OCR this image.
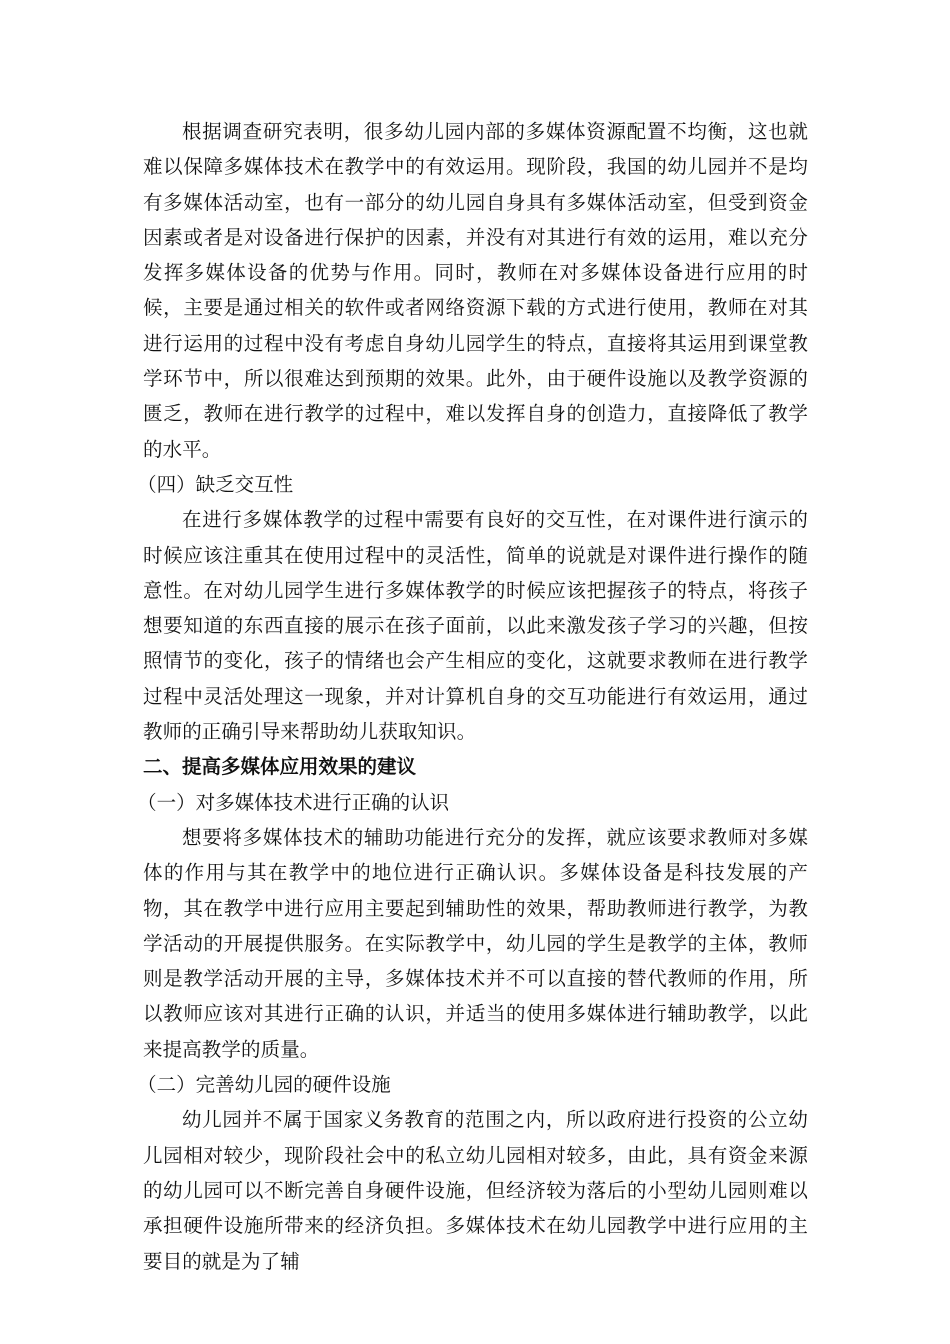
根据调查研究表明，很多幼儿园内部的多媒体资源配置不均衡，这也就难以保障多媒体技术在教学中的有效运用。现阶段，我国的幼儿园并不是均有多媒体活动室，也有一部分的幼儿园自身具有多媒体活动室，但受到资金因素或者是对设备进行保护的因素，并没有对其进行有效的运用，难以充分发挥多媒体设备的优势与作用。同时，教师在对多媒体设备进行应用的时候，主要是通过相关的软件或者网络资源下载的方式进行使用，教师在对其进行运用的过程中没有考虑自身幼儿园学生的特点，直接将其运用到课堂教学环节中，所以很难达到预期的效果。此外，由于硬件设施以及教学资源的匮乏，教师在进行教学的过程中，难以发挥自身的创造力，直接降低了教学的水平。

（四）缺乏交互性

在进行多媒体教学的过程中需要有良好的交互性，在对课件进行演示的时候应该注重其在使用过程中的灵活性，简单的说就是对课件进行操作的随意性。在对幼儿园学生进行多媒体教学的时候应该把握孩子的特点，将孩子想要知道的东西直接的展示在孩子面前，以此来激发孩子学习的兴趣，但按照情节的变化，孩子的情绪也会产生相应的变化，这就要求教师在进行教学过程中灵活处理这一现象，并对计算机自身的交互功能进行有效运用，通过教师的正确引导来帮助幼儿获取知识。

二、提高多媒体应用效果的建议

（一）对多媒体技术进行正确的认识

想要将多媒体技术的辅助功能进行充分的发挥，就应该要求教师对多媒体的作用与其在教学中的地位进行正确认识。多媒体设备是科技发展的产物，其在教学中进行应用主要起到辅助性的效果，帮助教师进行教学，为教学活动的开展提供服务。在实际教学中，幼儿园的学生是教学的主体，教师则是教学活动开展的主导，多媒体技术并不可以直接的替代教师的作用，所以教师应该对其进行正确的认识，并适当的使用多媒体进行辅助教学，以此来提高教学的质量。

（二）完善幼儿园的硬件设施

幼儿园并不属于国家义务教育的范围之内，所以政府进行投资的公立幼儿园相对较少，现阶段社会中的私立幼儿园相对较多，由此，具有资金来源的幼儿园可以不断完善自身硬件设施，但经济较为落后的小型幼儿园则难以承担硬件设施所带来的经济负担。多媒体技术在幼儿园教学中进行应用的主要目的就是为了辅
